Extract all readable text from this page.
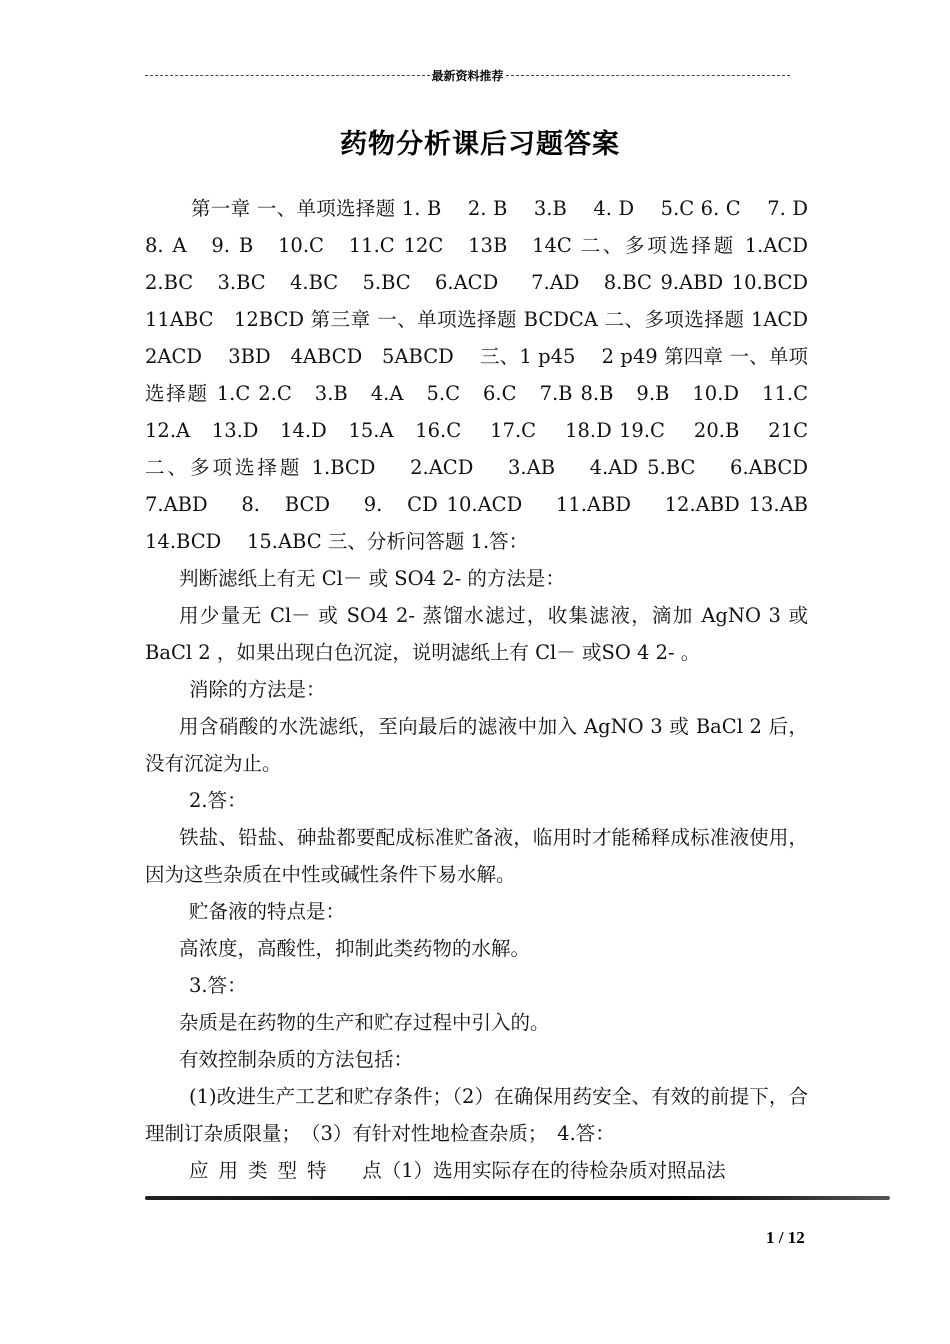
最新资料推荐
药物分析课后习题答案

第一章 一、单项选择题 1. B　 2. B　 3.B　 4. D　 5.C 6. C　 7. D　8. A　9. B　10.C　11.C 12C　13B　14C 二、多项选择题 1.ACD　2.BC　3.BC　4.BC　5.BC　6.ACD　 7.AD　8.BC 9.ABD 10.BCD　11ABC　12BCD 第三章 一、单项选择题 BCDCA 二、多项选择题 1ACD　2ACD　 3BD　4ABCD　5ABCD　 三、1 p45　 2 p49 第四章 一、单项选择题 1.C 2.C　3.B　4.A　5.C　6.C　7.B 8.B　9.B　10.D　11.C　12.A　13.D　14.D　15.A　16.C　 17.C　 18.D 19.C　 20.B　 21C　二、多项选择题 1.BCD　 2.ACD　 3.AB　 4.AD 5.BC　 6.ABCD　 7.ABD　 8.　BCD　 9.　CD 10.ACD　 11.ABD　 12.ABD 13.AB　 14.BCD　 15.ABC 三、分析问答题 1.答：

判断滤纸上有无 Cl－ 或 SO4 2- 的方法是：

用少量无 Cl－ 或 SO4 2- 蒸馏水滤过，收集滤液，滴加 AgNO 3 或 BaCl 2 ，如果出现白色沉淀，说明滤纸上有 Cl－ 或SO 4 2- 。

消除的方法是：

用含硝酸的水洗滤纸，至向最后的滤液中加入 AgNO 3 或 BaCl 2 后，没有沉淀为止。

2.答：

铁盐、铅盐、砷盐都要配成标准贮备液，临用时才能稀释成标准液使用，因为这些杂质在中性或碱性条件下易水解。

贮备液的特点是：

高浓度，高酸性，抑制此类药物的水解。

3.答：

杂质是在药物的生产和贮存过程中引入的。

有效控制杂质的方法包括：

(1)改进生产工艺和贮存条件；（2）在确保用药安全、有效的前提下，合理制订杂质限量；　（3）有针对性地检查杂质；　4.答：

应用类型特　 点（1）选用实际存在的待检杂质对照品法

1 / 12
